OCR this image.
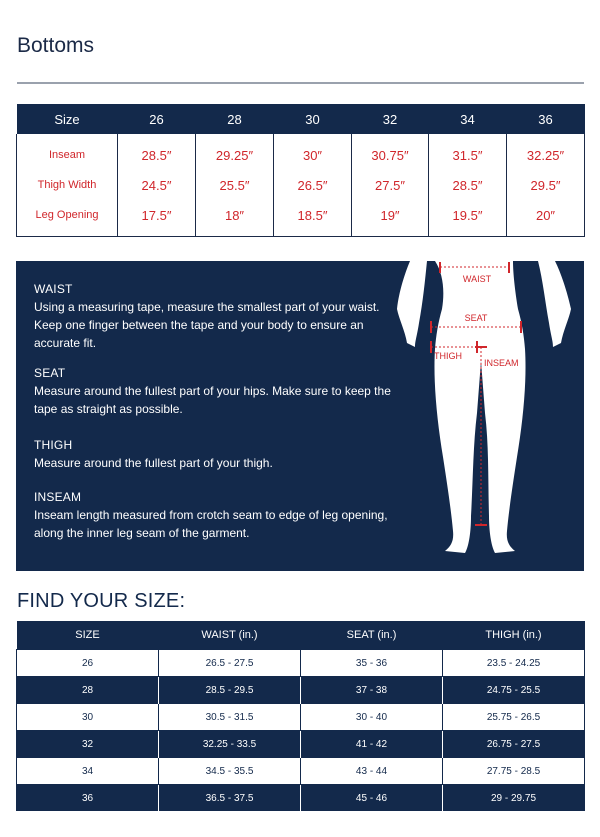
Bottoms
Size	26	28	30	32	34	36
Inseam	28.5″	29.25″	30″	30.75″	31.5″	32.25″
Thigh Width	24.5″	25.5″	26.5″	27.5″	28.5″	29.5″
Leg Opening	17.5″	18″	18.5″	19″	19.5″	20″
WAIST
Using a measuring tape, measure the smallest part of your waist. Keep one finger between the tape and your body to ensure an accurate fit.
SEAT
Measure around the fullest part of your hips. Make sure to keep the tape as straight as possible.
THIGH
Measure around the fullest part of your thigh.
INSEAM
Inseam length measured from crotch seam to edge of leg opening, along the inner leg seam of the garment.
WAIST
SEAT
THIGH
INSEAM
FIND YOUR SIZE:
SIZE	WAIST (in.)	SEAT (in.)	THIGH (in.)
26	26.5 - 27.5	35 - 36	23.5 - 24.25
28	28.5 - 29.5	37 - 38	24.75 - 25.5
30	30.5 - 31.5	30 - 40	25.75 - 26.5
32	32.25 - 33.5	41 - 42	26.75 - 27.5
34	34.5 - 35.5	43 - 44	27.75 - 28.5
36	36.5 - 37.5	45 - 46	29 - 29.75
